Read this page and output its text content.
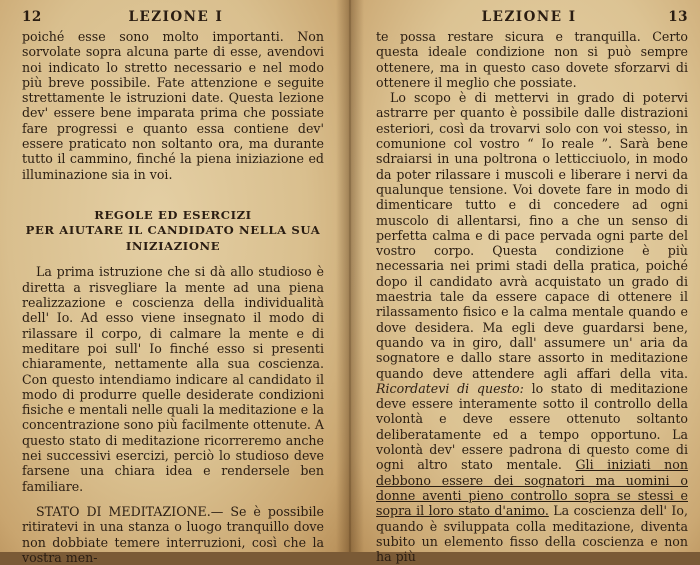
12	LEZIONE I

poiché esse sono molto importanti. Non sorvolate sopra alcuna parte di esse, avendovi noi indicato lo stretto necessario e nel modo più breve possibile. Fate attenzione e seguite strettamente le istruzioni date. Questa lezione dev' essere bene imparata prima che possiate fare progressi e quanto essa contiene dev' essere praticato non soltanto ora, ma durante tutto il cammino, finché la piena iniziazione ed illuminazione sia in voi.

REGOLE ED ESERCIZI
PER AIUTARE IL CANDIDATO NELLA SUA
INIZIAZIONE

La prima istruzione che si dà allo studioso è diretta a risvegliare la mente ad una piena realizzazione e coscienza della individualità dell' Io. Ad esso viene insegnato il modo di rilassare il corpo, di calmare la mente e di meditare poi sull' Io finché esso si presenti chiaramente, nettamente alla sua coscienza. Con questo intendiamo indicare al candidato il modo di produrre quelle desiderate condizioni fisiche e mentali nelle quali la meditazione e la concentrazione sono più facilmente ottenute. A questo stato di meditazione ricorreremo anche nei successivi esercizi, perciò lo studioso deve farsene una chiara idea e rendersele ben familiare.

STATO DI MEDITAZIONE.— Se è possibile ritiratevi in una stanza o luogo tranquillo dove non dobbiate temere interruzioni, così che la vostra men-

LEZIONE I	13

te possa restare sicura e tranquilla. Certo questa ideale condizione non si può sempre ottenere, ma in questo caso dovete sforzarvi di ottenere il meglio che possiate.

Lo scopo è di mettervi in grado di potervi astrarre per quanto è possibile dalle distrazioni esteriori, così da trovarvi solo con voi stesso, in comunione col vostro “ Io reale ”. Sarà bene sdraiarsi in una poltrona o letticciuolo, in modo da poter rilassare i muscoli e liberare i nervi da qualunque tensione. Voi dovete fare in modo di dimenticare tutto e di concedere ad ogni muscolo di allentarsi, fino a che un senso di perfetta calma e di pace pervada ogni parte del vostro corpo. Questa condizione è più necessaria nei primi stadi della pratica, poiché dopo il candidato avrà acquistato un grado di maestria tale da essere capace di ottenere il rilassamento fisico e la calma mentale quando e dove desidera. Ma egli deve guardarsi bene, quando va in giro, dall' assumere un' aria da sognatore e dallo stare assorto in meditazione quando deve attendere agli affari della vita. Ricordatevi di questo: lo stato di meditazione deve essere interamente sotto il controllo della volontà e deve essere ottenuto soltanto deliberatamente ed a tempo opportuno. La volontà dev' essere padrona di questo come di ogni altro stato mentale. Gli iniziati non debbono essere dei sognatori ma uomini o donne aventi pieno controllo sopra se stessi e sopra il loro stato d'animo. La coscienza dell' Io, quando è sviluppata colla meditazione, diventa subito un elemento fisso della coscienza e non ha più
